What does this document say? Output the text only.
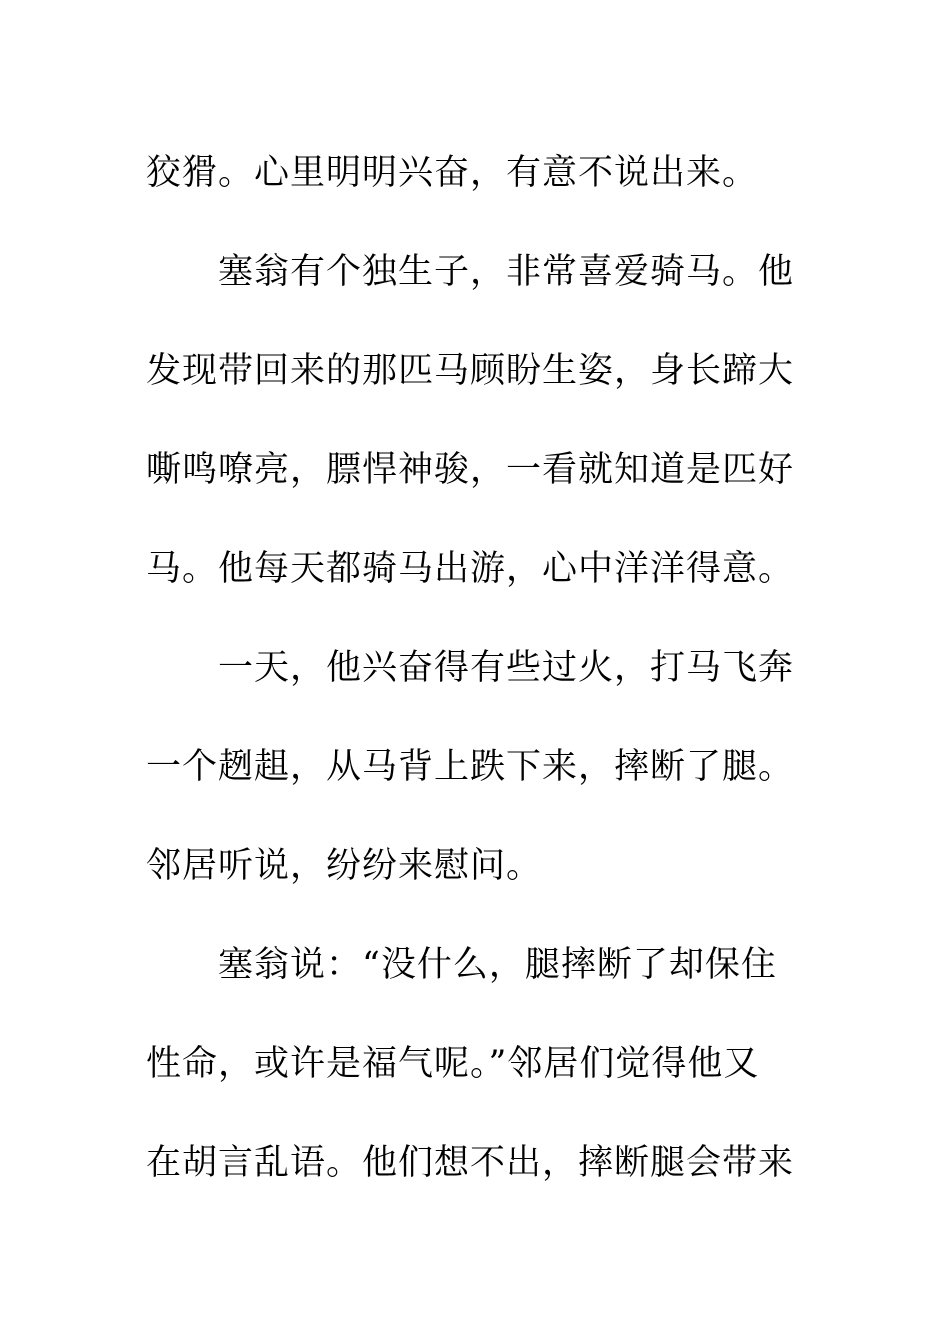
狡猾。心里明明兴奋，有意不说出来。
塞翁有个独生子，非常喜爱骑马。他
发现带回来的那匹马顾盼生姿，身长蹄大
嘶鸣嘹亮，膘悍神骏，一看就知道是匹好
马。他每天都骑马出游，心中洋洋得意。
一天，他兴奋得有些过火，打马飞奔
一个趔趄，从马背上跌下来，摔断了腿。
邻居听说，纷纷来慰问。
塞翁说：“没什么，腿摔断了却保住
性命，或许是福气呢。”邻居们觉得他又
在胡言乱语。他们想不出，摔断腿会带来
